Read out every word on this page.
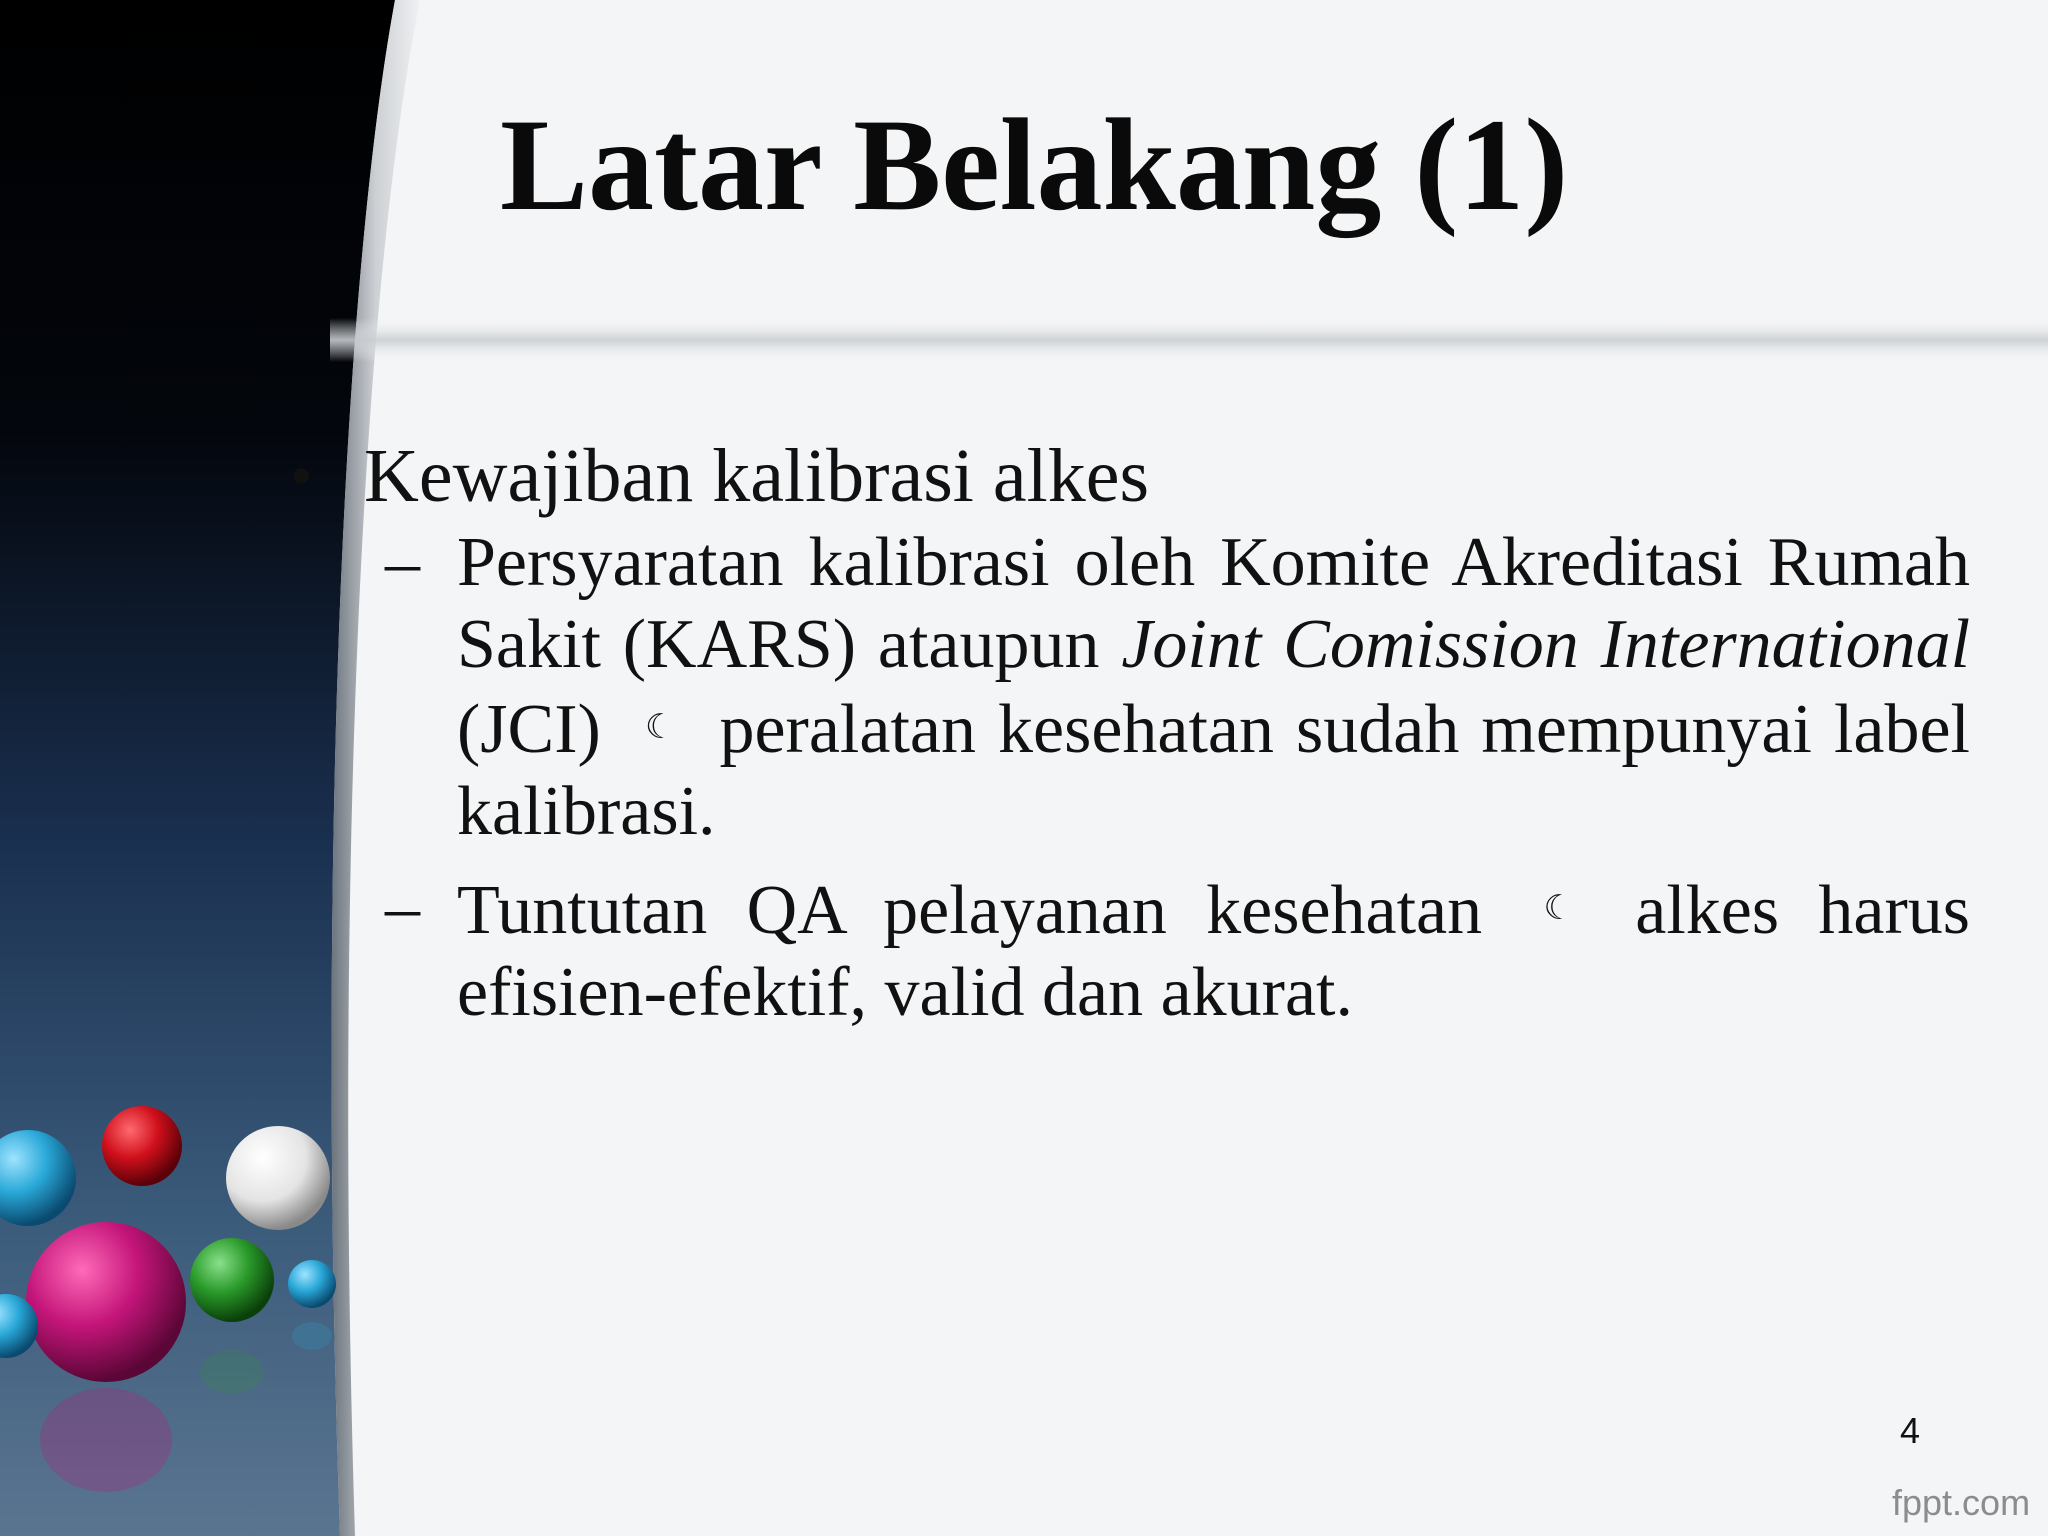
Latar Belakang (1)
• Kewajiban kalibrasi alkes
– Persyaratan kalibrasi oleh Komite Akreditasi Rumah Sakit (KARS) ataupun Joint Comission International (JCI) ☾ peralatan kesehatan sudah mempunyai label kalibrasi.
– Tuntutan QA pelayanan kesehatan ☾ alkes harus efisien-efektif, valid dan akurat.
4
fppt.com
